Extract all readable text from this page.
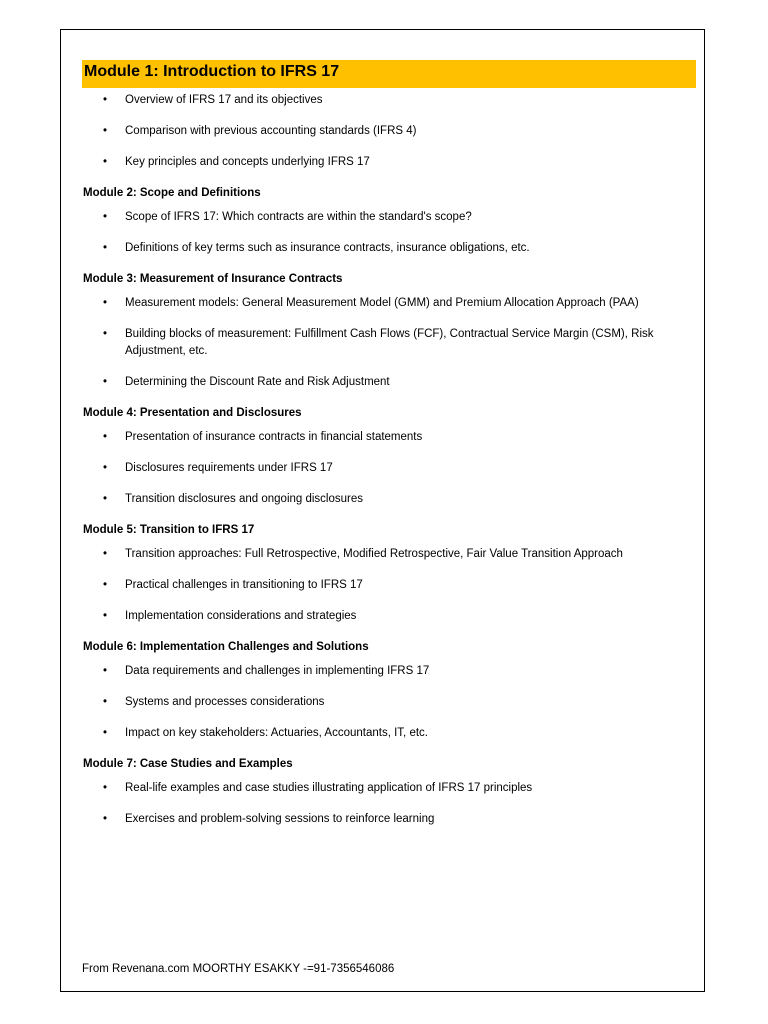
Module 1: Introduction to IFRS 17
• Overview of IFRS 17 and its objectives
• Comparison with previous accounting standards (IFRS 4)
• Key principles and concepts underlying IFRS 17
Module 2: Scope and Definitions
• Scope of IFRS 17: Which contracts are within the standard's scope?
• Definitions of key terms such as insurance contracts, insurance obligations, etc.
Module 3: Measurement of Insurance Contracts
• Measurement models: General Measurement Model (GMM) and Premium Allocation Approach (PAA)
• Building blocks of measurement: Fulfillment Cash Flows (FCF), Contractual Service Margin (CSM), Risk Adjustment, etc.
• Determining the Discount Rate and Risk Adjustment
Module 4: Presentation and Disclosures
• Presentation of insurance contracts in financial statements
• Disclosures requirements under IFRS 17
• Transition disclosures and ongoing disclosures
Module 5: Transition to IFRS 17
• Transition approaches: Full Retrospective, Modified Retrospective, Fair Value Transition Approach
• Practical challenges in transitioning to IFRS 17
• Implementation considerations and strategies
Module 6: Implementation Challenges and Solutions
• Data requirements and challenges in implementing IFRS 17
• Systems and processes considerations
• Impact on key stakeholders: Actuaries, Accountants, IT, etc.
Module 7: Case Studies and Examples
• Real-life examples and case studies illustrating application of IFRS 17 principles
• Exercises and problem-solving sessions to reinforce learning
From Revenana.com MOORTHY ESAKKY -=91-7356546086
